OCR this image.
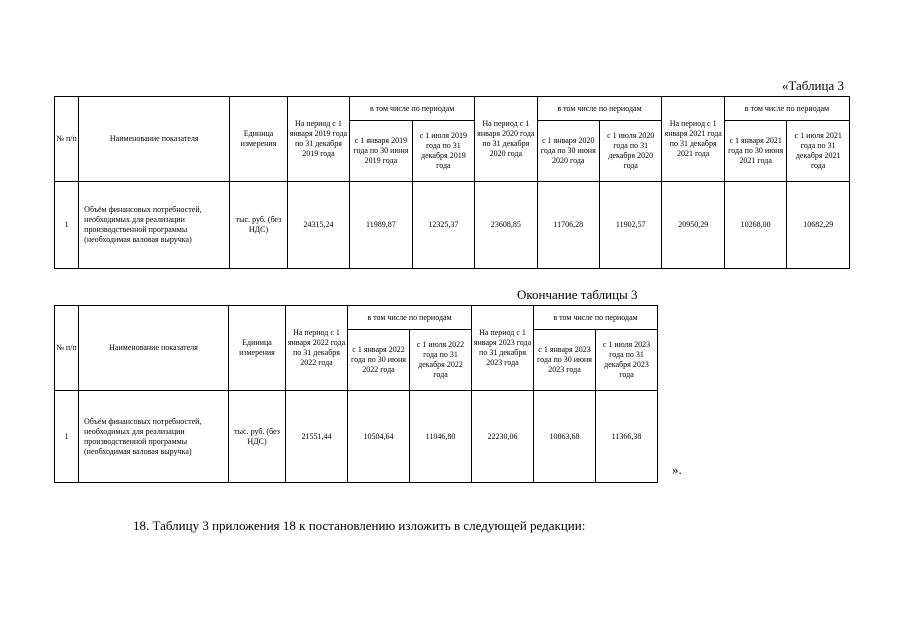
«Таблица 3
№ п/п	Наименование показателя	Единица измерения	На период с 1 января 2019 года по 31 декабря 2019 года	в том числе по периодам		На период с 1 января 2020 года по 31 декабря 2020 года	в том числе по периодам		На период с 1 января 2021 года по 31 декабря 2021 года	в том числе по периодам	
				с 1 января 2019 года по 30 июня 2019 года	с 1 июля 2019 года по 31 декабря 2019 года		с 1 января 2020 года по 30 июня 2020 года	с 1 июля 2020 года по 31 декабря 2020 года		с 1 января 2021 года по 30 июня 2021 года	с 1 июля 2021 года по 31 декабря 2021 года
1	Объём финансовых потребностей, необходимых для реализации производственной программы (необходимая валовая выручка)	тыс. руб. (без НДС)	24315,24	11989,87	12325,37	23608,85	11706,28	11902,57	20950,29	10268,00	10682,29
Окончание таблицы 3
№ п/п	Наименование показателя	Единица измерения	На период с 1 января 2022 года по 31 декабря 2022 года	в том числе по периодам		На период с 1 января 2023 года по 31 декабря 2023 года	в том числе по периодам	
				с 1 января 2022 года по 30 июня 2022 года	с 1 июля 2022 года по 31 декабря 2022 года		с 1 января 2023 года по 30 июня 2023 года	с 1 июля 2023 года по 31 декабря 2023 года
1	Объём финансовых потребностей, необходимых для реализации производственной программы (необходимая валовая выручка)	тыс. руб. (без НДС)	21551,44	10504,64	11046,80	22230,06	10863,68	11366,38
».
18. Таблицу 3 приложения 18 к постановлению изложить в следующей редакции:
